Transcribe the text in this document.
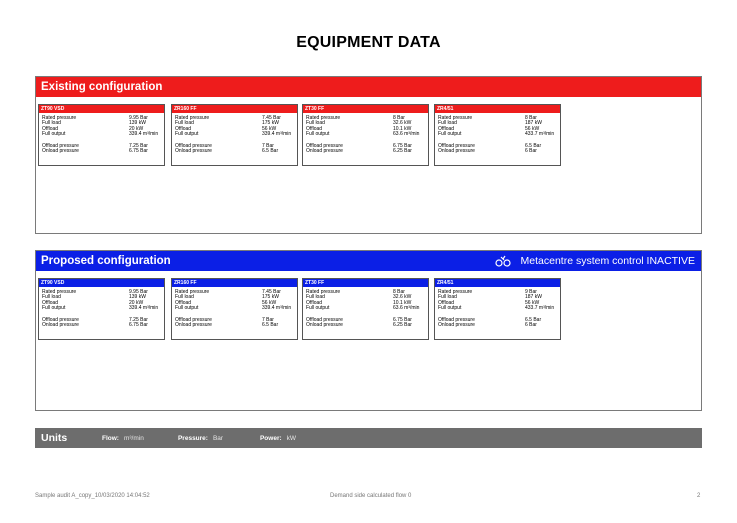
EQUIPMENT DATA
Existing configuration
ZT90 VSD
Rated pressure	9.95 Bar
Full load	139 kW
Offload	20 kW
Full output	339.4 m³/min
Offload pressure	7.25 Bar
Onload pressure	6.75 Bar
ZR160 FF
Rated pressure	7.45 Bar
Full load	175 kW
Offload	56 kW
Full output	339.4 m³/min
Offload pressure	7 Bar
Onload pressure	6.5 Bar
ZT30 FF
Rated pressure	8 Bar
Full load	32.6 kW
Offload	10.1 kW
Full output	63.6 m³/min
Offload pressure	6.75 Bar
Onload pressure	6.25 Bar
ZR4/51
Rated pressure	8 Bar
Full load	187 kW
Offload	56 kW
Full output	433.7 m³/min
Offload pressure	6.5 Bar
Onload pressure	6 Bar
Proposed configuration	Metacentre system control INACTIVE
ZT90 VSD
Rated pressure	9.95 Bar
Full load	139 kW
Offload	20 kW
Full output	339.4 m³/min
Offload pressure	7.25 Bar
Onload pressure	6.75 Bar
ZR160 FF
Rated pressure	7.45 Bar
Full load	175 kW
Offload	56 kW
Full output	339.4 m³/min
Offload pressure	7 Bar
Onload pressure	6.5 Bar
ZT30 FF
Rated pressure	8 Bar
Full load	32.6 kW
Offload	10.1 kW
Full output	63.6 m³/min
Offload pressure	6.75 Bar
Onload pressure	6.25 Bar
ZR4/51
Rated pressure	9 Bar
Full load	187 kW
Offload	56 kW
Full output	433.7 m³/min
Offload pressure	6.5 Bar
Onload pressure	6 Bar
Units	Flow: m³/min	Pressure: Bar	Power: kW
Sample audit A_copy_10/03/2020 14:04:52	Demand side calculated flow 0	2
